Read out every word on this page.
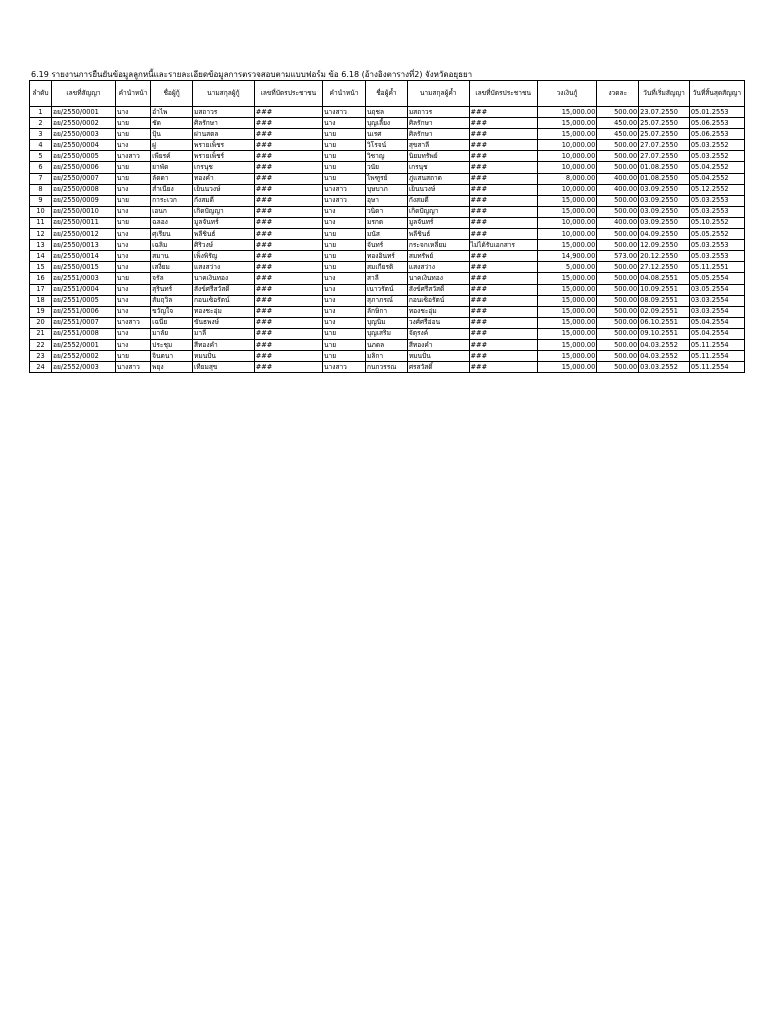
6.19 รายงานการยืนยันข้อมูลลูกหนี้และรายละเอียดข้อมูลการตรวจสอบตามแบบฟอร์ม ข้อ 6.18 (อ้างอิงตารางที่2) จังหวัดอยุธยา
ลำดับ	เลขที่สัญญา	คำนำหน้า	ชื่อผู้กู้	นามสกุลผู้กู้	เลขที่บัตรประชาชน	คำนำหน้า	ชื่อผู้ค้ำ	นามสกุลผู้ค้ำ	เลขที่บัตรประชาชน	วงเงินกู้	งวดละ	วันที่เริ่มสัญญา	วันที่สิ้นสุดสัญญา
1	อย/2550/0001	นาง	อำไพ	มสถาวร	###	นางสาว	นฤชล	มสถาวร	###	15,000.00	500.00	23.07.2550	05.01.2553
2	อย/2550/0002	นาย	ชัด	ศิลรักษา	###	นาง	บุญเลี้ยง	ศิลรักษา	###	15,000.00	450.00	25.07.2550	05.06.2553
3	อย/2550/0003	นาย	ปุ้น	ผ่านสตล	###	นาย	นเรศ	ศิลรักษา	###	15,000.00	450.00	25.07.2550	05.06.2553
4	อย/2550/0004	นาง	ผู่	พรายเพ็ชร	###	นาย	วิโรจน์	สุขสาลี	###	10,000.00	500.00	27.07.2550	05.03.2552
5	อย/2550/0005	นางสาว	เพียรค์	พรายเพ็ชร์	###	นาย	วิชาญ	นิยมทรัพย์	###	10,000.00	500.00	27.07.2550	05.03.2552
6	อย/2550/0006	นาย	ยาพัด	เกรนุช	###	นาย	วนัย	เกรนุช	###	10,000.00	500.00	01.08.2550	05.04.2552
7	อย/2550/0007	นาย	ลัดดา	ทองคำ	###	นาย	ไพฑูรย์	ภู่แสนสถาด	###	8,000.00	400.00	01.08.2550	05.04.2552
8	อย/2550/0008	นาง	สำเนียง	เย็นนวงษ์	###	นางสาว	บุษบาภ	เย็นนวงษ์	###	10,000.00	400.00	03.09.2550	05.12.2552
9	อย/2550/0009	นาย	การะเวก	กังสมดี	###	นางสาว	อุษา	กังสมดี	###	15,000.00	500.00	03.09.2550	05.03.2553
10	อย/2550/0010	นาง	เอนก	เกิดปัญญา	###	นาง	วนิดา	เกิดปัญญา	###	15,000.00	500.00	03.09.2550	05.03.2553
11	อย/2550/0011	นาย	ฉลอง	มูลจันทร์	###	นาง	มรกต	มูลจันทร์	###	10,000.00	400.00	03.09.2550	05.10.2552
12	อย/2550/0012	นาง	ศุเรียน	พลีชินธ์	###	นาย	มนัส	พลีชินธ์	###	10,000.00	500.00	04.09.2550	05.05.2552
13	อย/2550/0013	นาง	เฉลิม	ศิริวงษ์	###	นาย	จันทร์	กระจกเหลี่ยม	ไม่ได้รับเอกสาร	15,000.00	500.00	12.09.2550	05.03.2553
14	อย/2550/0014	นาง	สมาน	เพ็งพิรัญ	###	นาย	ทองอินทร์	สมทรัพย์	###	14,900.00	573.00	20.12.2550	05.03.2553
15	อย/2550/0015	นาง	เสงี่ยม	แสงสว่าง	###	นาย	สมเกียรติ	แสงสว่าง	###	5,000.00	500.00	27.12.2550	05.11.2551
16	อย/2551/0003	นาย	จรัล	นาคเงินทอง	###	นาง	สาลี	นาคเงินทอง	###	15,000.00	500.00	04.08.2551	05.05.2554
17	อย/2551/0004	นาง	สุรินทร์	สังข์ศรีสวัสดิ์	###	นาง	เนาวรัตน์	สังข์ศรีสวัสดิ์	###	15,000.00	500.00	10.09.2551	03.05.2554
18	อย/2551/0005	นาง	สัมฤวิล	กอนเซ็อรัตน์	###	นาง	สุภาภรณ์	กอนเซ็อรัตน์	###	15,000.00	500.00	08.09.2551	03.03.2554
19	อย/2551/0006	นาง	ขวัญใจ	ทองชะอุ่ม	###	นาง	ลักษิกา	ทองชะอุ่ม	###	15,000.00	500.00	02.09.2551	03.03.2554
20	อย/2551/0007	นางสาว	เฉนีย	ขันธพงษ์	###	นาง	บุญนิ่ม	วงศ์ศรีอ่อน	###	15,000.00	500.00	06.10.2551	05.04.2554
21	อย/2551/0008	นาง	มาลัย	มาลี	###	นาย	บุญเสริม	จัตุรงค์	###	15,000.00	500.00	09.10.2551	05.04.2554
22	อย/2552/0001	นาง	ประชุม	สีทองคำ	###	นาย	นภดล	สีทองคำ	###	15,000.00	500.00	04.03.2552	05.11.2554
23	อย/2552/0002	นาย	จินตนา	หมนปั่น	###	นาย	มลิกา	หมนปั่น	###	15,000.00	500.00	04.03.2552	05.11.2554
24	อย/2552/0003	นางสาว	พยุง	เทียมสุข	###	นางสาว	กนกวรรณ	ศรสวัสดิ์	###	15,000.00	500.00	03.03.2552	05.11.2554
